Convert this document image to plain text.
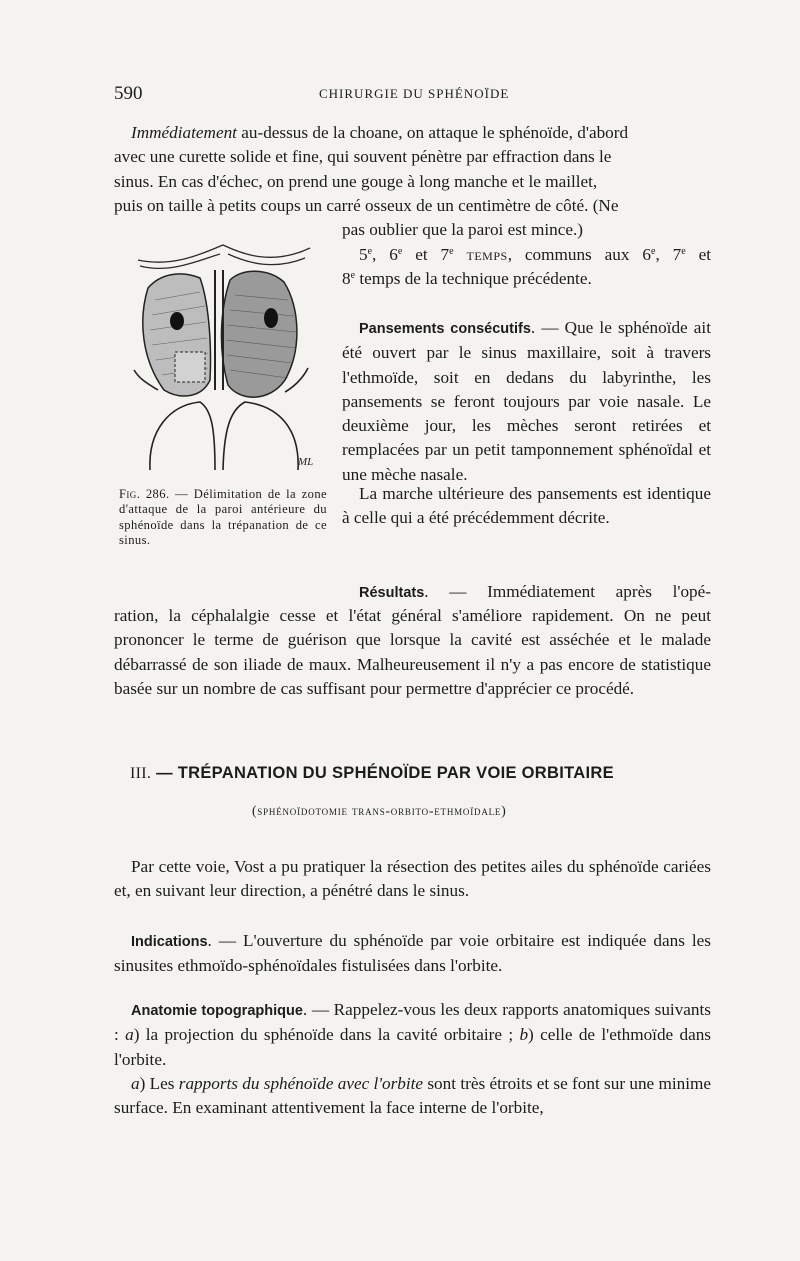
590	CHIRURGIE DU SPHÉNOÏDE
Immédiatement au-dessus de la choane, on attaque le sphénoïde, d'abord
avec une curette solide et fine, qui souvent pénètre par effraction dans le
sinus. En cas d'échec, on prend une gouge à long manche et le maillet,
puis on taille à petits coups un carré osseux de un centimètre de côté. (Ne
pas oublier que la paroi est mince.)
5e, 6e et 7e temps, communs aux 6e, 7e et
8e temps de la technique précédente.
Pansements consécutifs. — Que le sphénoïde ait été ouvert par le sinus maxillaire, soit à travers l'ethmoïde, soit en dedans du labyrinthe, les pansements se feront toujours par voie nasale. Le deuxième jour, les mèches seront retirées et remplacées par un petit tamponnement sphénoïdal et une mèche nasale.
La marche ultérieure des pansements est identique à celle qui a été précédemment décrite.
ML
Fig. 286. — Délimitation de la zone d'attaque de la paroi antérieure du sphénoïde dans la trépanation de ce sinus.
Résultats. — Immédiatement après l'opé-
ration, la céphalalgie cesse et l'état général s'améliore rapidement. On ne peut prononcer le terme de guérison que lorsque la cavité est asséchée et le malade débarrassé de son iliade de maux. Malheureusement il n'y a pas encore de statistique basée sur un nombre de cas suffisant pour permettre d'apprécier ce procédé.
III. — TRÉPANATION DU SPHÉNOÏDE PAR VOIE ORBITAIRE
(sphénoïdotomie trans-orbito-ethmoïdale)
Par cette voie, Vost a pu pratiquer la résection des petites ailes du sphénoïde cariées et, en suivant leur direction, a pénétré dans le sinus.
Indications. — L'ouverture du sphénoïde par voie orbitaire est indiquée dans les sinusites ethmoïdo-sphénoïdales fistulisées dans l'orbite.
Anatomie topographique. — Rappelez-vous les deux rapports anatomiques suivants : a) la projection du sphénoïde dans la cavité orbitaire ; b) celle de l'ethmoïde dans l'orbite.
a) Les rapports du sphénoïde avec l'orbite sont très étroits et se font sur une minime surface. En examinant attentivement la face interne de l'orbite,
